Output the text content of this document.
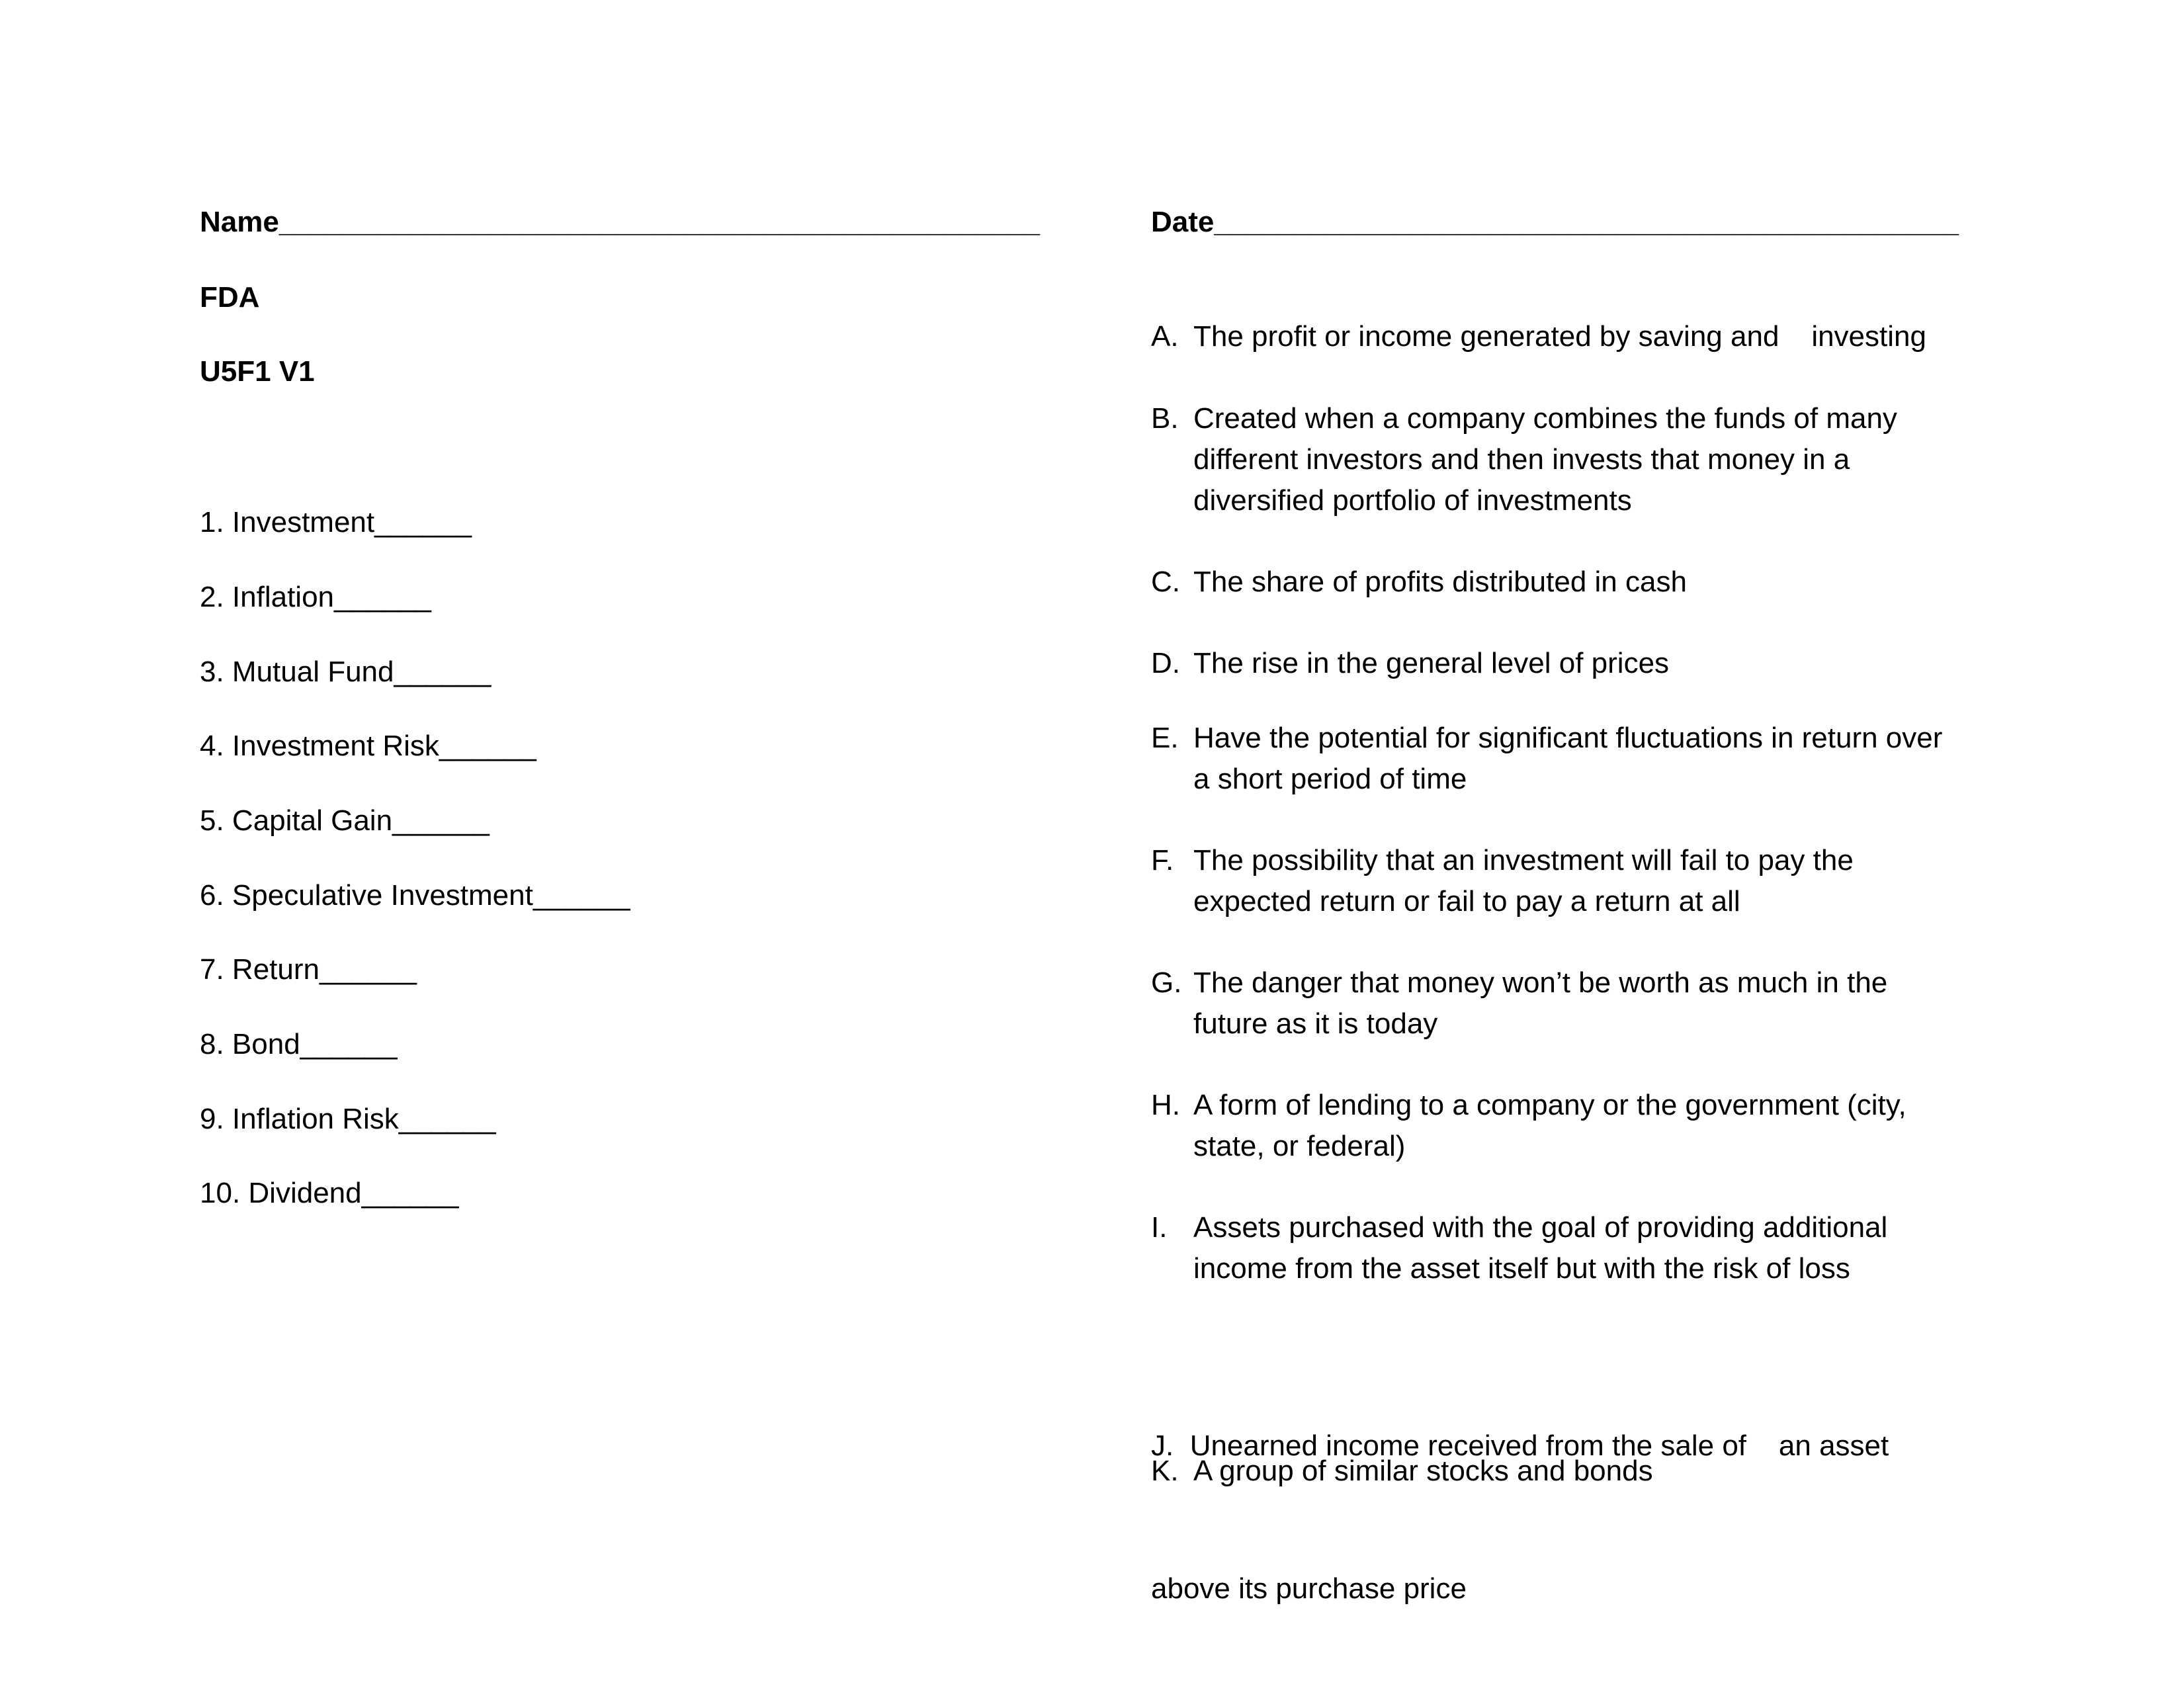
Name_______________________________________________	Date______________________________________________
FDA
U5F1 V1
1. Investment______
2. Inflation______
3. Mutual Fund______
4. Investment Risk______
5. Capital Gain______
6. Speculative Investment______
7. Return______
8. Bond______
9. Inflation Risk______
10. Dividend______
A. The profit or income generated by saving and    investing
B. Created when a company combines the funds of many
different investors and then invests that money in a
diversified portfolio of investments
C. The share of profits distributed in cash
D. The rise in the general level of prices
E. Have the potential for significant fluctuations in return over
a short period of time
F. The possibility that an investment will fail to pay the
expected return or fail to pay a return at all
G. The danger that money won’t be worth as much in the
future as it is today
H. A form of lending to a company or the government (city,
state, or federal)
I. Assets purchased with the goal of providing additional
income from the asset itself but with the risk of loss

J. Unearned income received from the sale of    an asset

above its purchase price

K. A group of similar stocks and bonds
